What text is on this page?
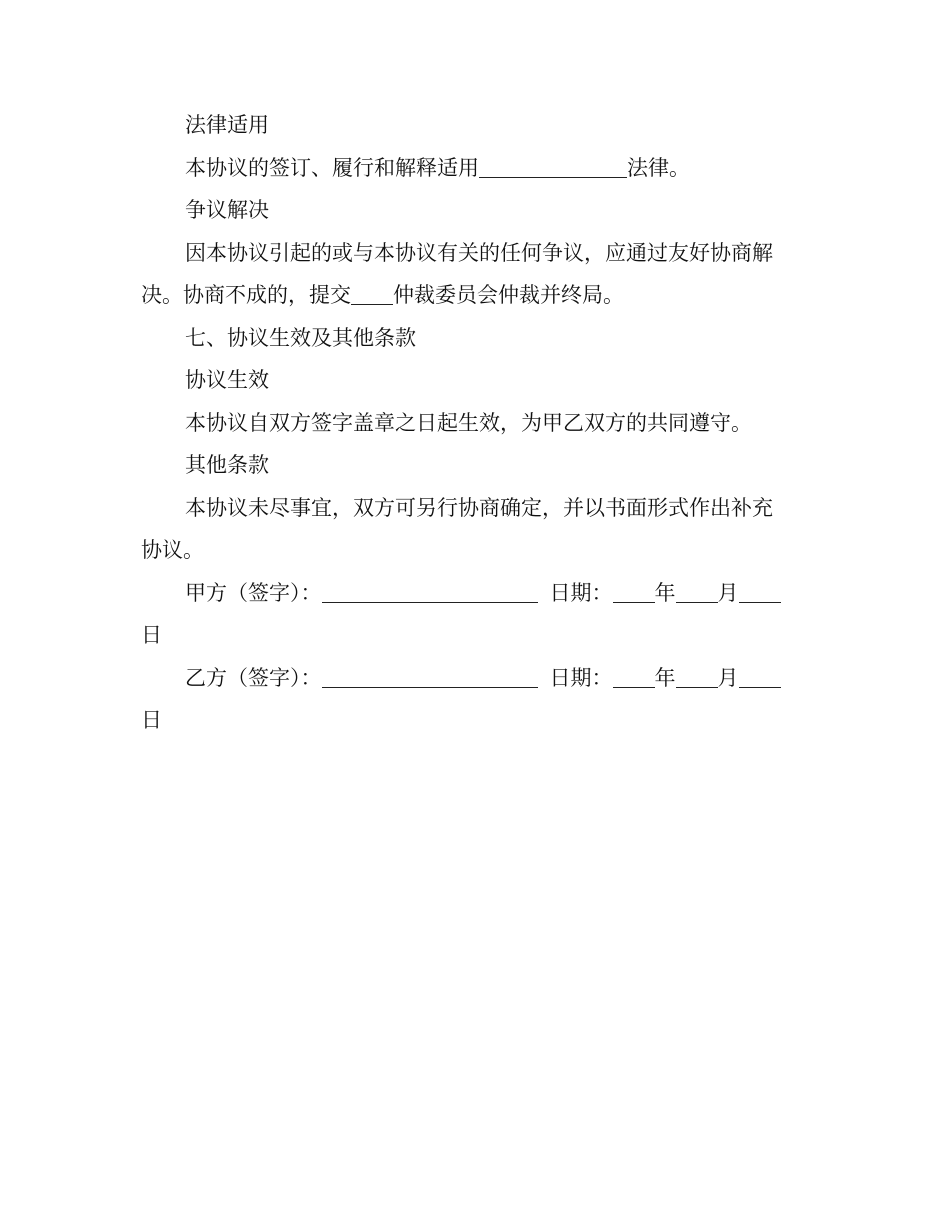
法律适用

本协议的签订、履行和解释适用	法律。

争议解决

因本协议引起的或与本协议有关的任何争议，应通过友好协商解

决。协商不成的，提交 仲裁委员会仲裁并终局。

七、协议生效及其他条款

协议生效

本协议自双方签字盖章之日起生效，为甲乙双方的共同遵守。

其他条款

本协议未尽事宜，双方可另行协商确定，并以书面形式作出补充

协议。

甲方（签字）：	日期： 年 月

日

乙方（签字）：	日期： 年 月

日
